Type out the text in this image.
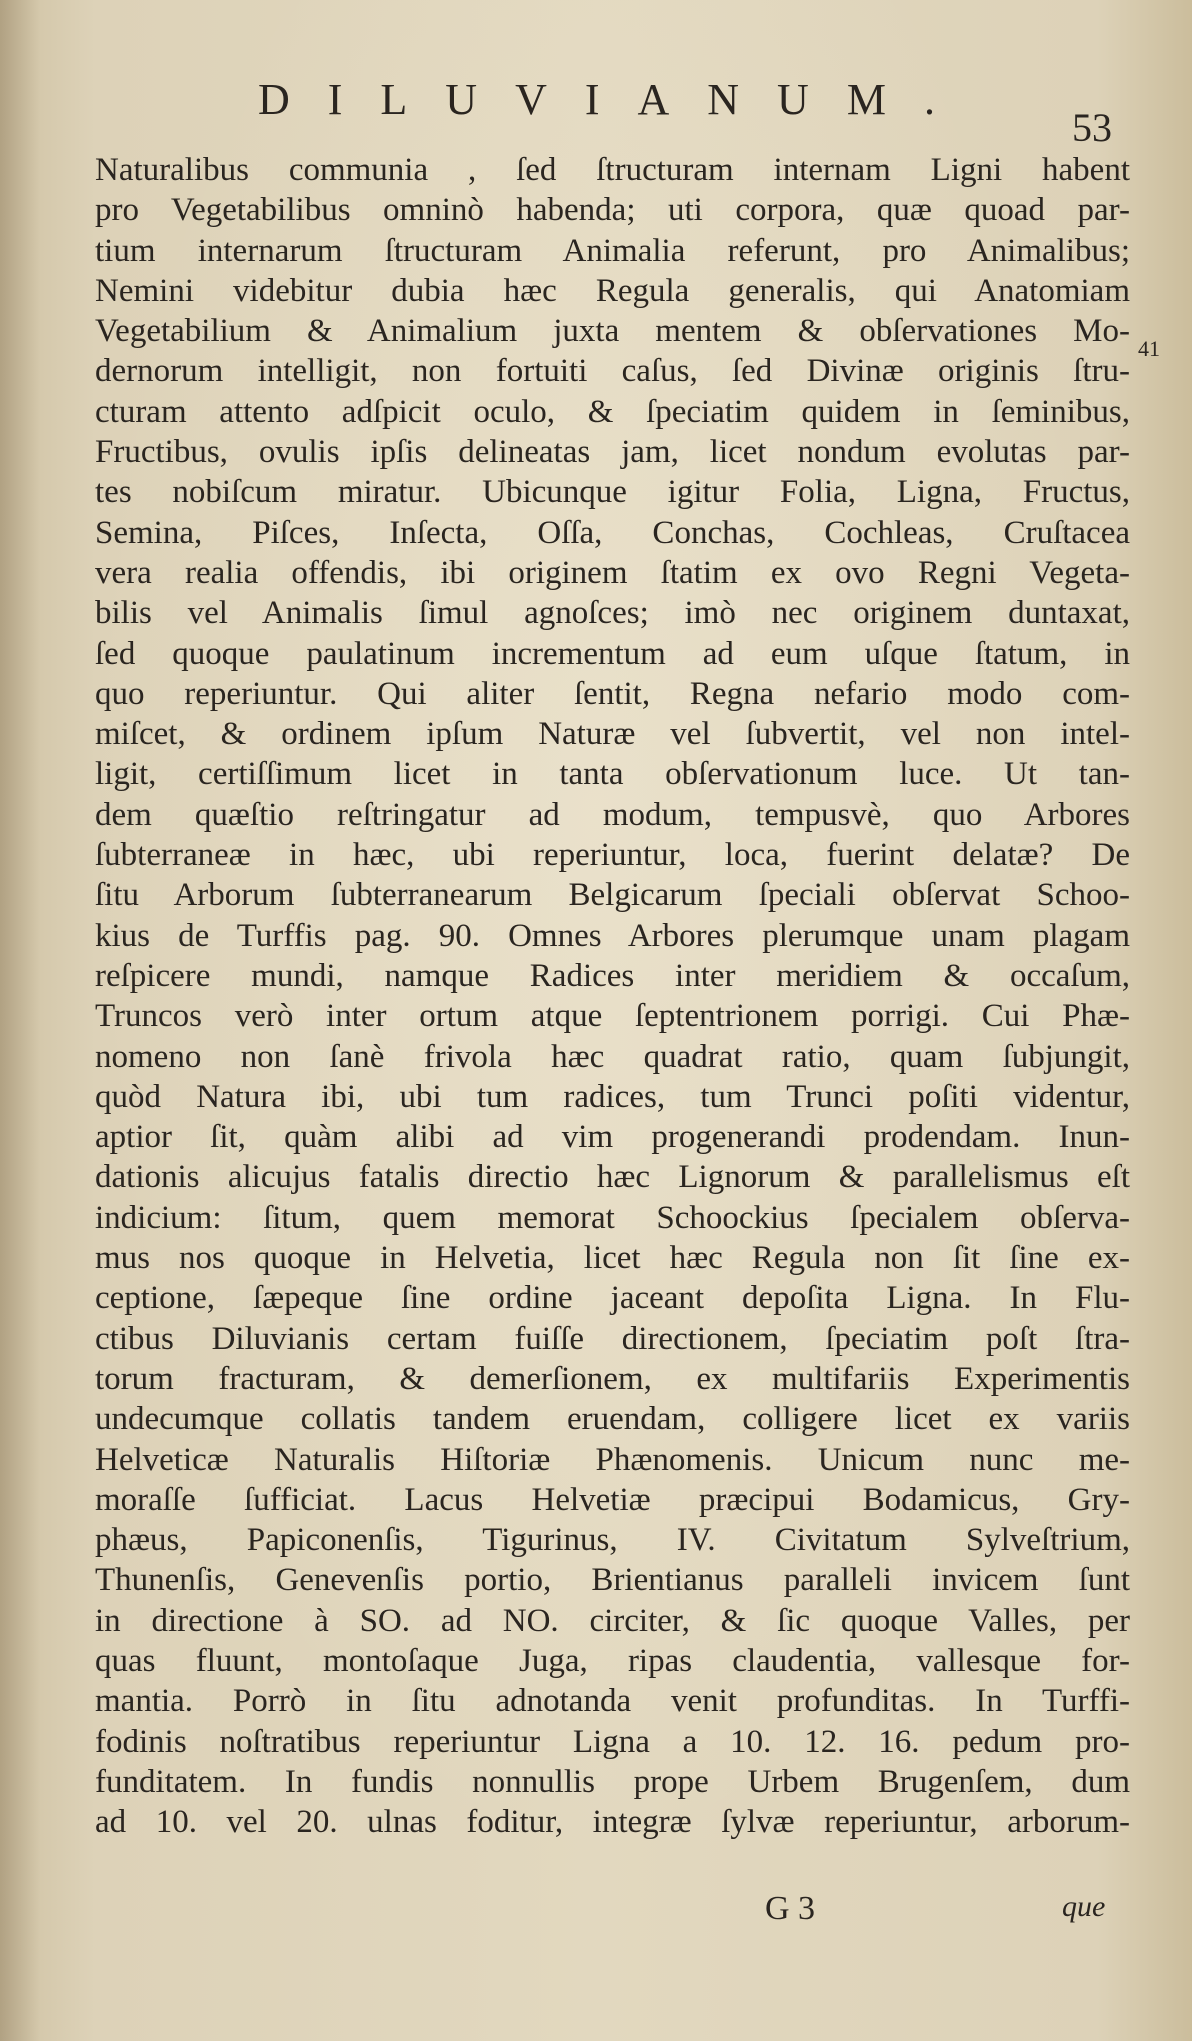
DILUVIANUM.
53
41
Naturalibus communia , ſed ſtructuram internam Ligni habent
pro Vegetabilibus omninò habenda; uti corpora, quæ quoad par-
tium internarum ſtructuram Animalia referunt, pro Animalibus;
Nemini videbitur dubia hæc Regula generalis, qui Anatomiam
Vegetabilium & Animalium juxta mentem & obſervationes Mo-
dernorum intelligit, non fortuiti caſus, ſed Divinæ originis ſtru-
cturam attento adſpicit oculo, & ſpeciatim quidem in ſeminibus,
Fructibus, ovulis ipſis delineatas jam, licet nondum evolutas par-
tes nobiſcum miratur. Ubicunque igitur Folia, Ligna, Fructus,
Semina, Piſces, Inſecta, Oſſa, Conchas, Cochleas, Cruſtacea
vera realia offendis, ibi originem ſtatim ex ovo Regni Vegeta-
bilis vel Animalis ſimul agnoſces; imò nec originem duntaxat,
ſed quoque paulatinum incrementum ad eum uſque ſtatum, in
quo reperiuntur. Qui aliter ſentit, Regna nefario modo com-
miſcet, & ordinem ipſum Naturæ vel ſubvertit, vel non intel-
ligit, certiſſimum licet in tanta obſervationum luce. Ut tan-
dem quæſtio reſtringatur ad modum, tempusvè, quo Arbores
ſubterraneæ in hæc, ubi reperiuntur, loca, fuerint delatæ? De
ſitu Arborum ſubterranearum Belgicarum ſpeciali obſervat Schoo-
kius de Turffis pag. 90. Omnes Arbores plerumque unam plagam
reſpicere mundi, namque Radices inter meridiem & occaſum,
Truncos verò inter ortum atque ſeptentrionem porrigi. Cui Phæ-
nomeno non ſanè frivola hæc quadrat ratio, quam ſubjungit,
quòd Natura ibi, ubi tum radices, tum Trunci poſiti videntur,
aptior ſit, quàm alibi ad vim progenerandi prodendam. Inun-
dationis alicujus fatalis directio hæc Lignorum & parallelismus eſt
indicium: ſitum, quem memorat Schoockius ſpecialem obſerva-
mus nos quoque in Helvetia, licet hæc Regula non ſit ſine ex-
ceptione, ſæpeque ſine ordine jaceant depoſita Ligna. In Flu-
ctibus Diluvianis certam fuiſſe directionem, ſpeciatim poſt ſtra-
torum fracturam, & demerſionem, ex multifariis Experimentis
undecumque collatis tandem eruendam, colligere licet ex variis
Helveticæ Naturalis Hiſtoriæ Phænomenis. Unicum nunc me-
moraſſe ſufficiat. Lacus Helvetiæ præcipui Bodamicus, Gry-
phæus, Papiconenſis, Tigurinus, IV. Civitatum Sylveſtrium,
Thunenſis, Genevenſis portio, Brientianus paralleli invicem ſunt
in directione à SO. ad NO. circiter, & ſic quoque Valles, per
quas fluunt, montoſaque Juga, ripas claudentia, vallesque for-
mantia. Porrò in ſitu adnotanda venit profunditas. In Turffi-
fodinis noſtratibus reperiuntur Ligna a 10. 12. 16. pedum pro-
funditatem. In fundis nonnullis prope Urbem Brugenſem, dum
ad 10. vel 20. ulnas foditur, integræ ſylvæ reperiuntur, arborum-
G 3	que
